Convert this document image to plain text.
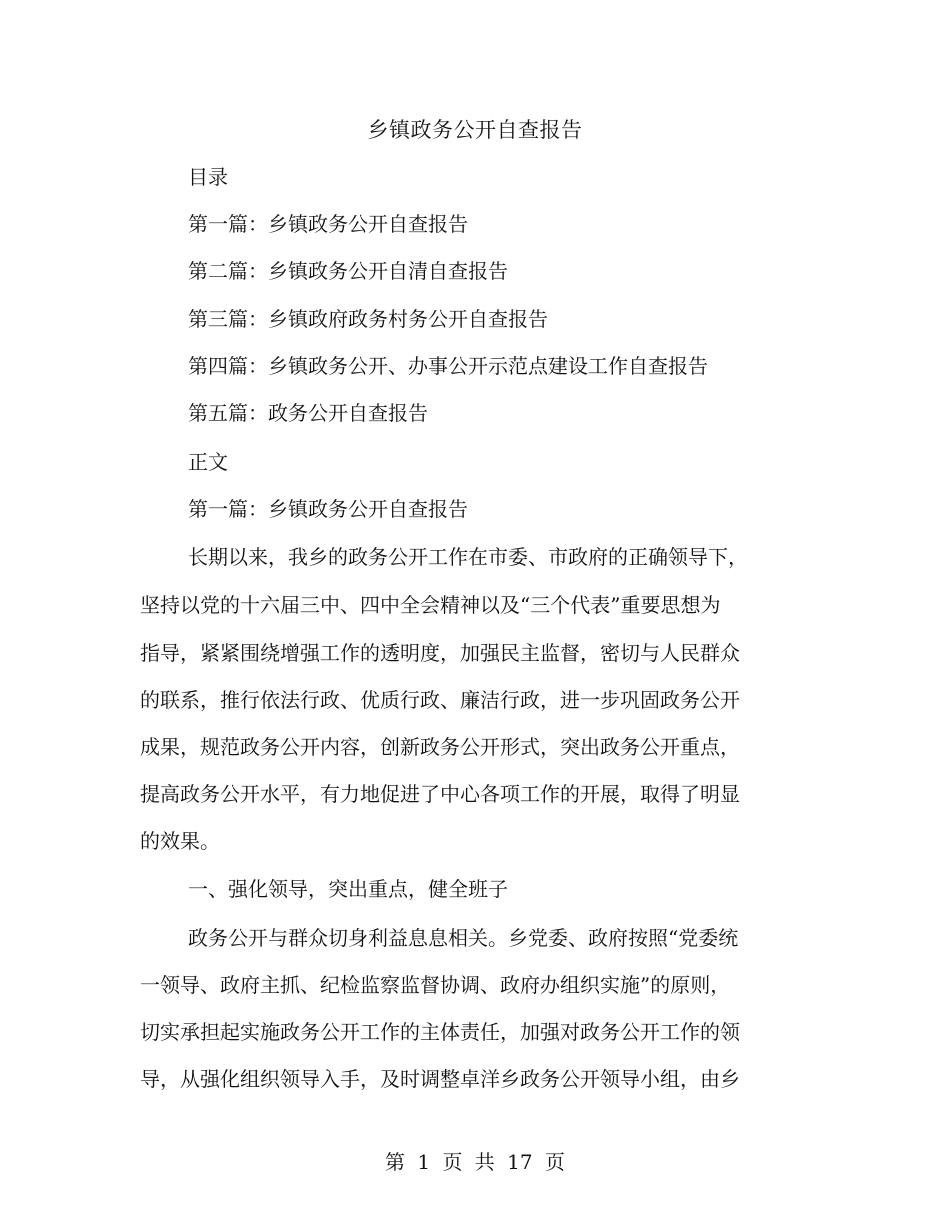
乡镇政务公开自查报告
目录
第一篇：乡镇政务公开自查报告
第二篇：乡镇政务公开自清自查报告
第三篇：乡镇政府政务村务公开自查报告
第四篇：乡镇政务公开、办事公开示范点建设工作自查报告
第五篇：政务公开自查报告
正文
第一篇：乡镇政务公开自查报告
长期以来，我乡的政务公开工作在市委、市政府的正确领导下，
坚持以党的十六届三中、四中全会精神以及“三个代表”重要思想为
指导，紧紧围绕增强工作的透明度，加强民主监督，密切与人民群众
的联系，推行依法行政、优质行政、廉洁行政，进一步巩固政务公开
成果，规范政务公开内容，创新政务公开形式，突出政务公开重点，
提高政务公开水平，有力地促进了中心各项工作的开展，取得了明显
的效果。
一、强化领导，突出重点，健全班子
政务公开与群众切身利益息息相关。乡党委、政府按照“党委统
一领导、政府主抓、纪检监察监督协调、政府办组织实施”的原则，
切实承担起实施政务公开工作的主体责任，加强对政务公开工作的领
导，从强化组织领导入手，及时调整卓洋乡政务公开领导小组，由乡
第 1 页 共 17 页
